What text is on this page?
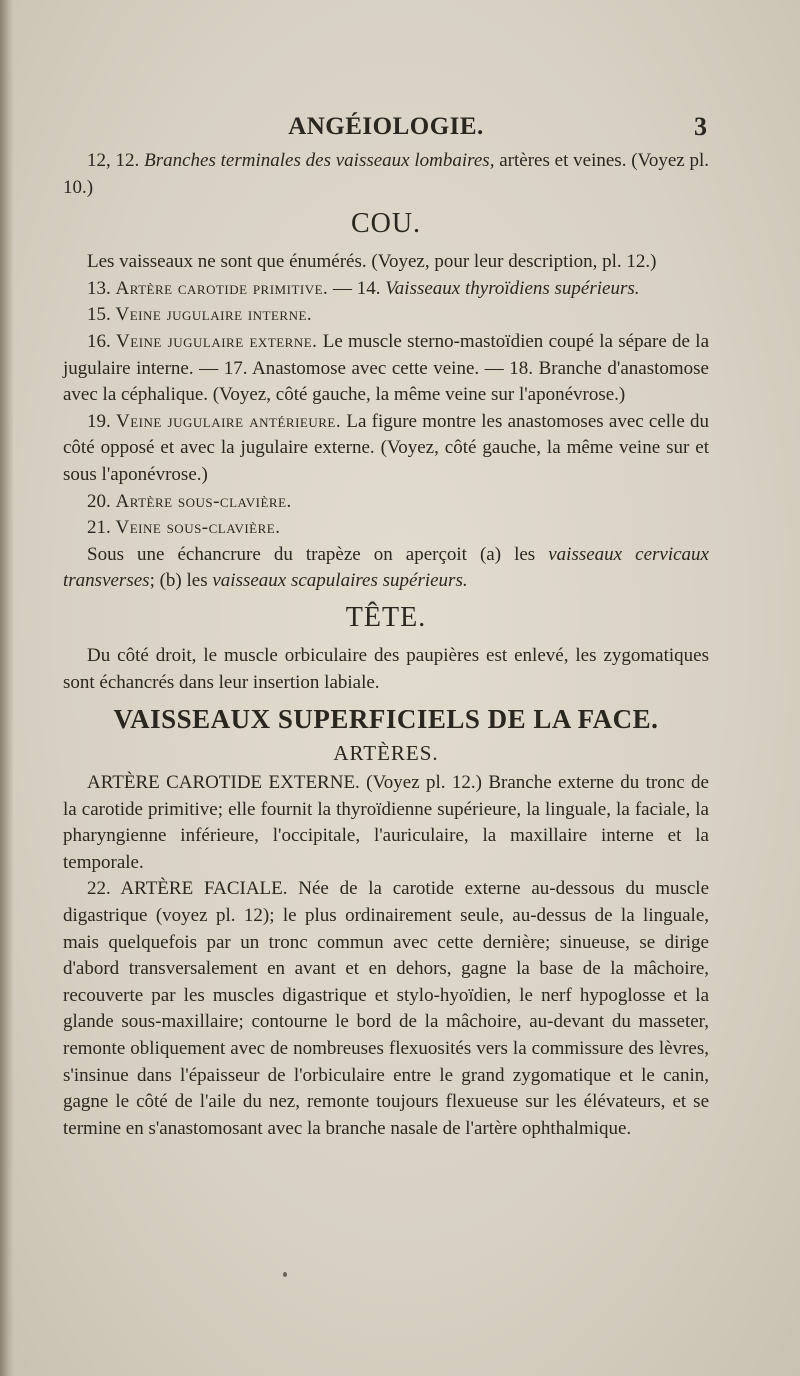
ANGÉIOLOGIE.	3

12, 12. Branches terminales des vaisseaux lombaires, artères et veines. (Voyez pl. 10.)

COU.

Les vaisseaux ne sont que énumérés. (Voyez, pour leur description, pl. 12.)

13. Artère carotide primitive. — 14. Vaisseaux thyroïdiens supérieurs.

15. Veine jugulaire interne.

16. Veine jugulaire externe. Le muscle sterno-mastoïdien coupé la sépare de la jugulaire interne. — 17. Anastomose avec cette veine. — 18. Branche d'anastomose avec la céphalique. (Voyez, côté gauche, la même veine sur l'aponévrose.)

19. Veine jugulaire antérieure. La figure montre les anastomoses avec celle du côté opposé et avec la jugulaire externe. (Voyez, côté gauche, la même veine sur et sous l'aponévrose.)

20. Artère sous-clavière.

21. Veine sous-clavière.

Sous une échancrure du trapèze on aperçoit (a) les vaisseaux cervicaux transverses; (b) les vaisseaux scapulaires supérieurs.

TÊTE.

Du côté droit, le muscle orbiculaire des paupières est enlevé, les zygomatiques sont échancrés dans leur insertion labiale.

VAISSEAUX SUPERFICIELS DE LA FACE.
ARTÈRES.

ARTÈRE CAROTIDE EXTERNE. (Voyez pl. 12.) Branche externe du tronc de la carotide primitive; elle fournit la thyroïdienne supérieure, la linguale, la faciale, la pharyngienne inférieure, l'occipitale, l'auriculaire, la maxillaire interne et la temporale.

22. ARTÈRE FACIALE. Née de la carotide externe au-dessous du muscle digastrique (voyez pl. 12); le plus ordinairement seule, au-dessus de la linguale, mais quelquefois par un tronc commun avec cette dernière; sinueuse, se dirige d'abord transversalement en avant et en dehors, gagne la base de la mâchoire, recouverte par les muscles digastrique et stylo-hyoïdien, le nerf hypoglosse et la glande sous-maxillaire; contourne le bord de la mâchoire, au-devant du masseter, remonte obliquement avec de nombreuses flexuosités vers la commissure des lèvres, s'insinue dans l'épaisseur de l'orbiculaire entre le grand zygomatique et le canin, gagne le côté de l'aile du nez, remonte toujours flexueuse sur les élévateurs, et se termine en s'anastomosant avec la branche nasale de l'artère ophthalmique.
